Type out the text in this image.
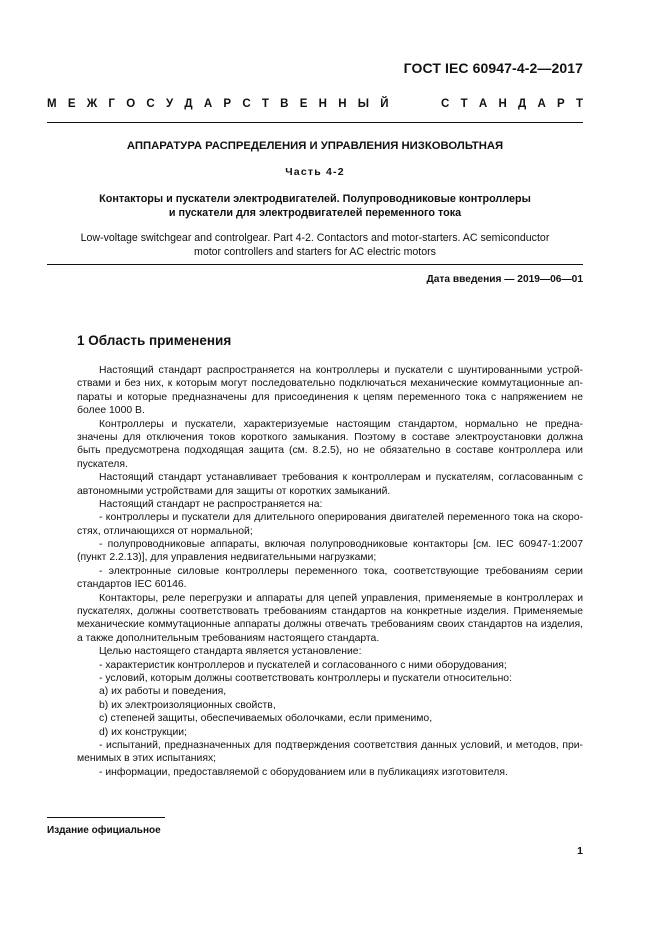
ГОСТ IEC 60947-4-2—2017
М Е Ж Г О С У Д А Р С Т В Е Н Н Ы Й	С Т А Н Д А Р Т
АППАРАТУРА РАСПРЕДЕЛЕНИЯ И УПРАВЛЕНИЯ НИЗКОВОЛЬТНАЯ
Часть 4-2
Контакторы и пускатели электродвигателей. Полупроводниковые контроллеры
и пускатели для электродвигателей переменного тока
Low-voltage switchgear and controlgear. Part 4-2. Contactors and motor-starters. AC semiconductor
motor controllers and starters for AC electric motors
Дата введения — 2019—06—01
1 Область применения
Настоящий стандарт распространяется на контроллеры и пускатели с шунтированными устрой-
ствами и без них, к которым могут последовательно подключаться механические коммутационные ап-
параты и которые предназначены для присоединения к цепям переменного тока с напряжением не
более 1000 В.
Контроллеры и пускатели, характеризуемые настоящим стандартом, нормально не предна-
значены для отключения токов короткого замыкания. Поэтому в составе электроустановки должна
быть предусмотрена подходящая защита (см. 8.2.5), но не обязательно в составе контроллера или
пускателя.
Настоящий стандарт устанавливает требования к контроллерам и пускателям, согласованным с
автономными устройствами для защиты от коротких замыканий.
Настоящий стандарт не распространяется на:
- контроллеры и пускатели для длительного оперирования двигателей переменного тока на скоро-
стях, отличающихся от нормальной;
- полупроводниковые аппараты, включая полупроводниковые контакторы [см. IEC 60947-1:2007
(пункт 2.2.13)], для управления недвигательными нагрузками;
- электронные силовые контроллеры переменного тока, соответствующие требованиям серии
стандартов IEC 60146.
Контакторы, реле перегрузки и аппараты для цепей управления, применяемые в контроллерах и
пускателях, должны соответствовать требованиям стандартов на конкретные изделия. Применяемые
механические коммутационные аппараты должны отвечать требованиям своих стандартов на изделия,
а также дополнительным требованиям настоящего стандарта.
Целью настоящего стандарта является установление:
- характеристик контроллеров и пускателей и согласованного с ними оборудования;
- условий, которым должны соответствовать контроллеры и пускатели относительно:
a) их работы и поведения,
b) их электроизоляционных свойств,
c) степеней защиты, обеспечиваемых оболочками, если применимо,
d) их конструкции;
- испытаний, предназначенных для подтверждения соответствия данных условий, и методов, при-
менимых в этих испытаниях;
- информации, предоставляемой с оборудованием или в публикациях изготовителя.
Издание официальное
1
